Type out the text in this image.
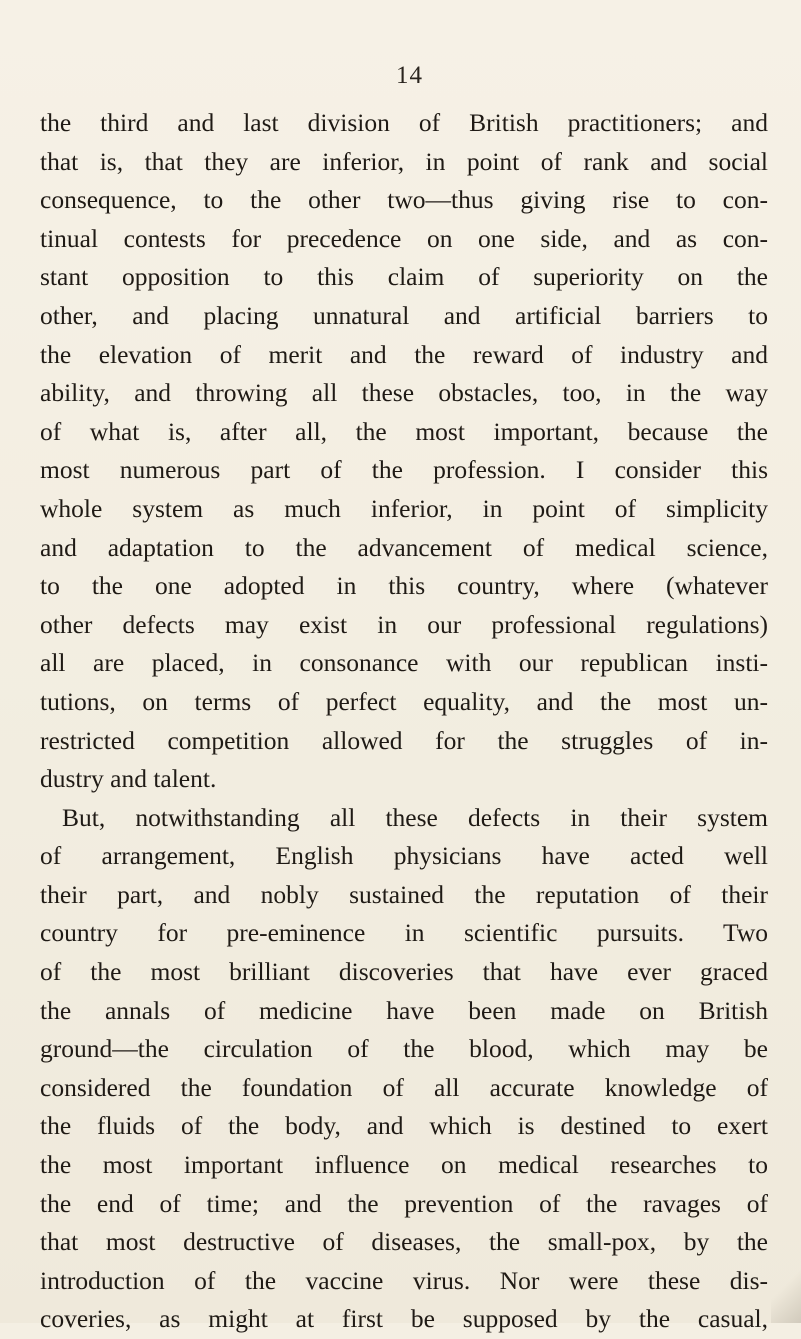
14
the third and last division of British practitioners; and
that is, that they are inferior, in point of rank and social
consequence, to the other two—thus giving rise to con-
tinual contests for precedence on one side, and as con-
stant opposition to this claim of superiority on the
other, and placing unnatural and artificial barriers to
the elevation of merit and the reward of industry and
ability, and throwing all these obstacles, too, in the way
of what is, after all, the most important, because the
most numerous part of the profession. I consider this
whole system as much inferior, in point of simplicity
and adaptation to the advancement of medical science,
to the one adopted in this country, where (whatever
other defects may exist in our professional regulations)
all are placed, in consonance with our republican insti-
tutions, on terms of perfect equality, and the most un-
restricted competition allowed for the struggles of in-
dustry and talent.
But, notwithstanding all these defects in their system
of arrangement, English physicians have acted well
their part, and nobly sustained the reputation of their
country for pre-eminence in scientific pursuits. Two
of the most brilliant discoveries that have ever graced
the annals of medicine have been made on British
ground—the circulation of the blood, which may be
considered the foundation of all accurate knowledge of
the fluids of the body, and which is destined to exert
the most important influence on medical researches to
the end of time; and the prevention of the ravages of
that most destructive of diseases, the small-pox, by the
introduction of the vaccine virus. Nor were these dis-
coveries, as might at first be supposed by the casual,
